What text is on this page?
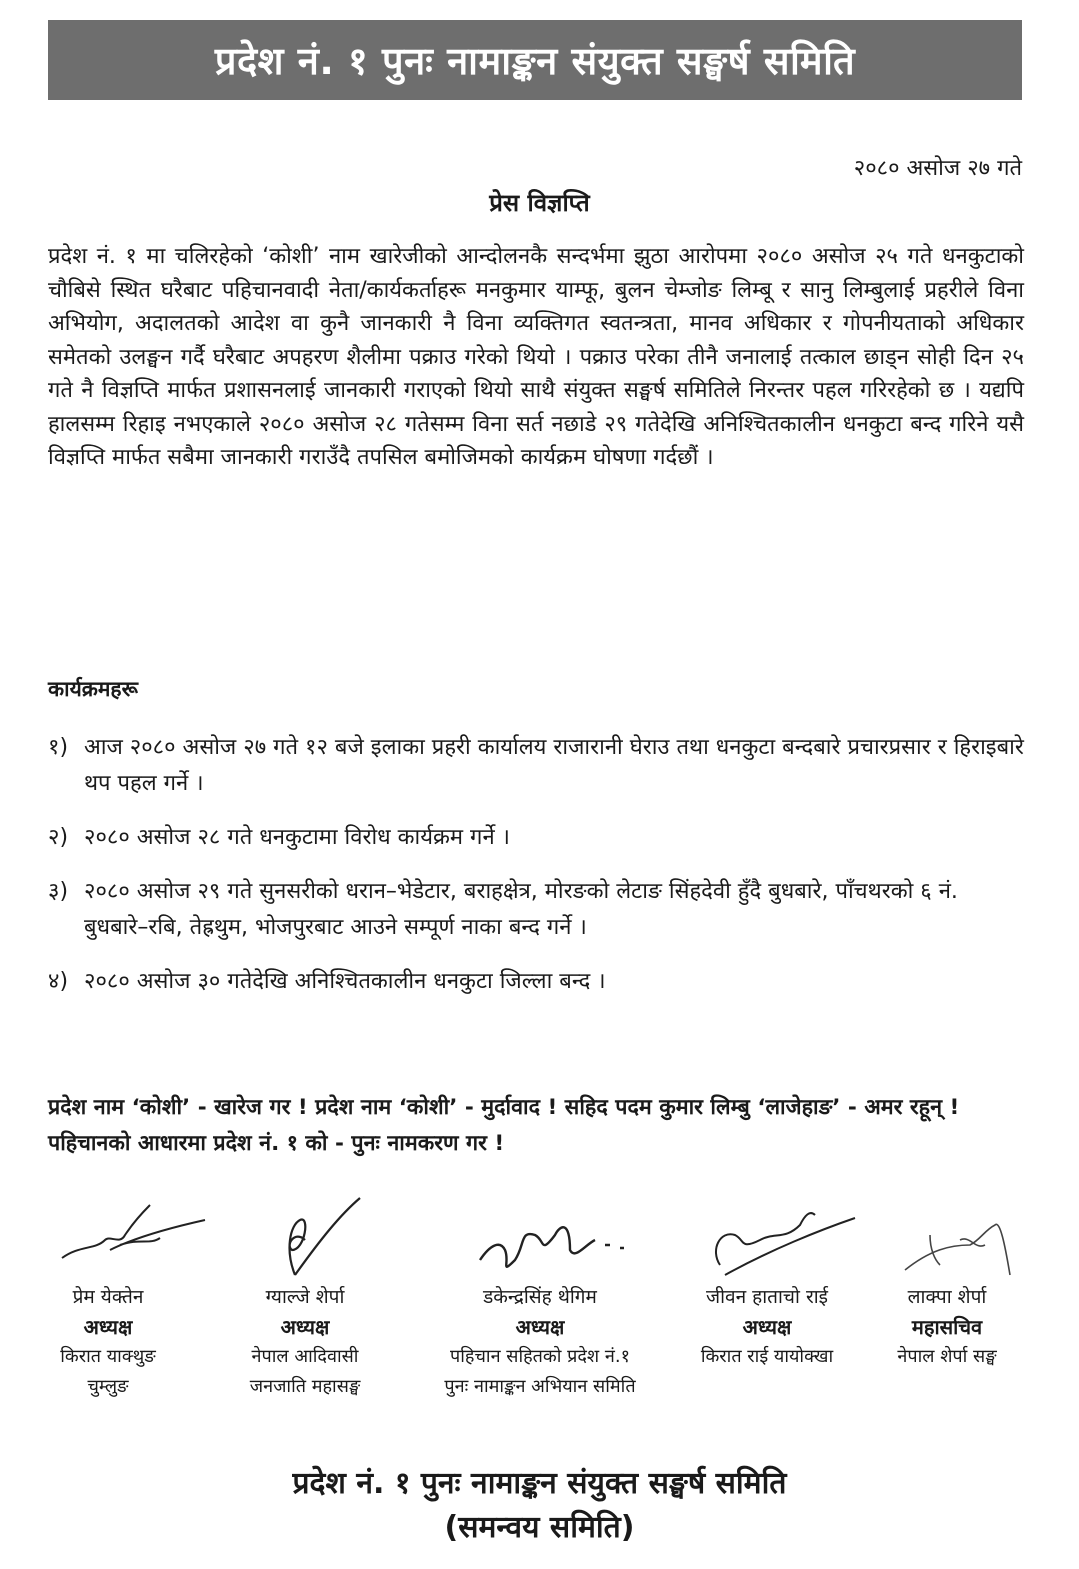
प्रदेश नं. १ पुनः नामाङ्कन संयुक्त सङ्घर्ष समिति
२०८० असोज २७ गते
प्रेस विज्ञप्ति

प्रदेश नं. १ मा चलिरहेको ‘कोशी’ नाम खारेजीको आन्दोलनकै सन्दर्भमा झुठा आरोपमा २०८० असोज २५ गते धनकुटाको चौबिसे स्थित घरैबाट पहिचानवादी नेता/कार्यकर्ताहरू मनकुमार याम्फू, बुलन चेम्जोङ लिम्बू र सानु लिम्बुलाई प्रहरीले विना अभियोग, अदालतको आदेश वा कुनै जानकारी नै विना व्यक्तिगत स्वतन्त्रता, मानव अधिकार र गोपनीयताको अधिकार समेतको उलङ्घन गर्दै घरैबाट अपहरण शैलीमा पक्राउ गरेको थियो । पक्राउ परेका तीनै जनालाई तत्काल छाड्न सोही दिन २५ गते नै विज्ञप्ति मार्फत प्रशासनलाई जानकारी गराएको थियो साथै संयुक्त सङ्घर्ष समितिले निरन्तर पहल गरिरहेको छ । यद्यपि हालसम्म रिहाइ नभएकाले २०८० असोज २८ गतेसम्म विना सर्त नछाडे २९ गतेदेखि अनिश्चितकालीन धनकुटा बन्द गरिने यसै विज्ञप्ति मार्फत सबैमा जानकारी गराउँदै तपसिल बमोजिमको कार्यक्रम घोषणा गर्दछौं ।

कार्यक्रमहरू
१) आज २०८० असोज २७ गते १२ बजे इलाका प्रहरी कार्यालय राजारानी घेराउ तथा धनकुटा बन्दबारे प्रचारप्रसार र हिराइबारे थप पहल गर्ने ।
२) २०८० असोज २८ गते धनकुटामा विरोध कार्यक्रम गर्ने ।
३) २०८० असोज २९ गते सुनसरीको धरान–भेडेटार, बराहक्षेत्र, मोरङको लेटाङ सिंहदेवी हुँदै बुधबारे, पाँचथरको ६ नं. बुधबारे–रबि, तेह्रथुम, भोजपुरबाट आउने सम्पूर्ण नाका बन्द गर्ने ।
४) २०८० असोज ३० गतेदेखि अनिश्चितकालीन धनकुटा जिल्ला बन्द ।

प्रदेश नाम ‘कोशी’ - खारेज गर ! प्रदेश नाम ‘कोशी’ - मुर्दावाद ! सहिद पदम कुमार लिम्बु ‘लाजेहाङ’ - अमर रहून् ! पहिचानको आधारमा प्रदेश नं. १ को - पुनः नामकरण गर !

प्रेम येक्तेन
अध्यक्ष
किरात याक्थुङ
चुम्लुङ
ग्याल्जे शेर्पा
अध्यक्ष
नेपाल आदिवासी
जनजाति महासङ्घ
डकेन्द्रसिंह थेगिम
अध्यक्ष
पहिचान सहितको प्रदेश नं.१
पुनः नामाङ्कन अभियान समिति
जीवन हाताचो राई
अध्यक्ष
किरात राई यायोक्खा
लाक्पा शेर्पा
महासचिव
नेपाल शेर्पा सङ्घ
प्रदेश नं. १ पुनः नामाङ्कन संयुक्त सङ्घर्ष समिति
(समन्वय समिति)
